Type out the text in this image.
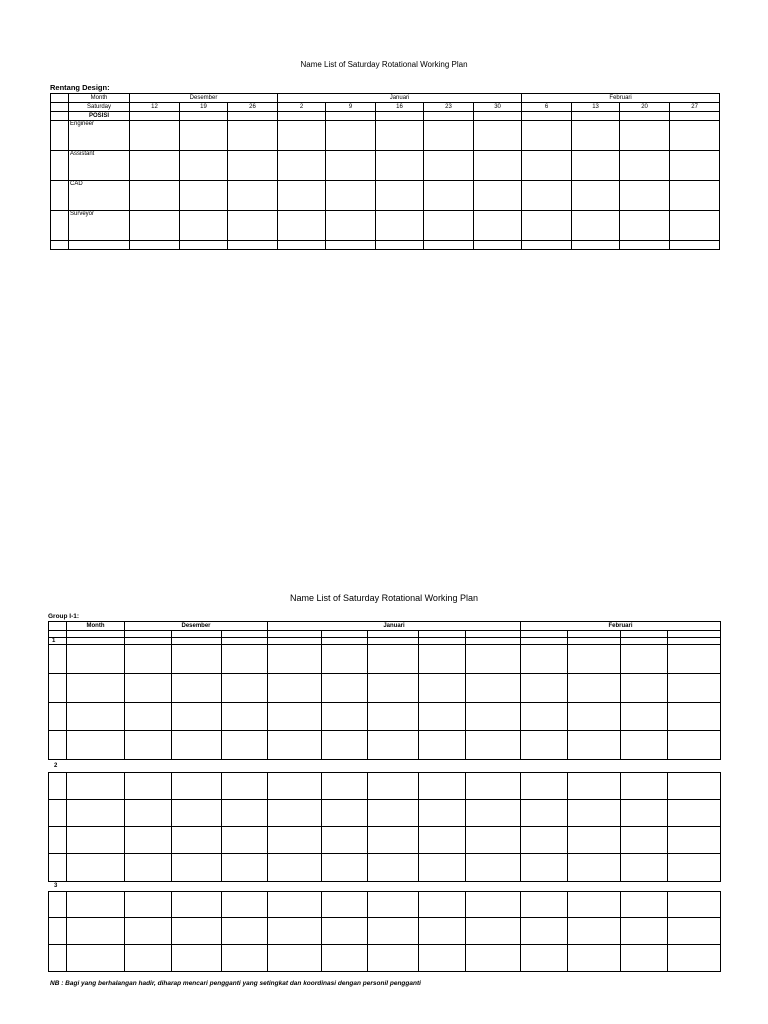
Name List of Saturday Rotational Working Plan
Rentang Design:
	Month	Desember			Januari					Februari			
	Saturday	12	19	26	2	9	16	23	30	6	13	20	27
	POSISI												
	Engineer												
	Assistant												
	CAD												
	Surveyor												

Name List of Saturday Rotational Working Plan
Group I-1:
	Month	Desember			Januari					Februari			

1													

2

3

NB : Bagi yang berhalangan hadir, diharap mencari pengganti yang setingkat dan koordinasi dengan personil pengganti
